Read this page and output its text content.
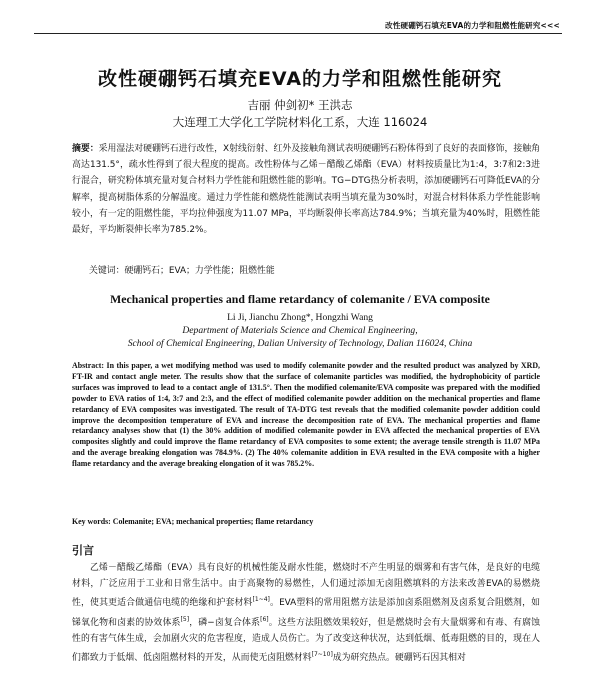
改性硬硼钙石填充EVA的力学和阻燃性能研究<<<
改性硬硼钙石填充EVA的力学和阻燃性能研究
吉丽 仲剑初* 王洪志
大连理工大学化工学院材料化工系，大连 116024
摘要：采用湿法对硬硼钙石进行改性，X射线衍射、红外及接触角测试表明硬硼钙石粉体得到了良好的表面修饰，接触角高达131.5°，疏水性得到了很大程度的提高。改性粉体与乙烯－醋酸乙烯酯（EVA）材料按质量比为1:4，3:7和2:3进行混合，研究粉体填充量对复合材料力学性能和阻燃性能的影响。TG−DTG热分析表明，添加硬硼钙石可降低EVA的分解率，提高树脂体系的分解温度。通过力学性能和燃烧性能测试表明当填充量为30%时，对混合材料体系力学性能影响较小，有一定的阻燃性能，平均拉伸强度为11.07 MPa，平均断裂伸长率高达784.9%；当填充量为40%时，阻燃性能最好，平均断裂伸长率为785.2%。
关键词：硬硼钙石；EVA；力学性能；阻燃性能
Mechanical properties and flame retardancy of colemanite / EVA composite
Li Ji, Jianchu Zhong*, Hongzhi Wang
Department of Materials Science and Chemical Engineering,
School of Chemical Engineering, Dalian University of Technology, Dalian 116024, China
Abstract: In this paper, a wet modifying method was used to modify colemanite powder and the resulted product was analyzed by XRD, FT-IR and contact angle meter. The results show that the surface of colemanite particles was modified, the hydrophobicity of particle surfaces was improved to lead to a contact angle of 131.5°. Then the modified colemanite/EVA composite was prepared with the modified powder to EVA ratios of 1:4, 3:7 and 2:3, and the effect of modified colemanite powder addition on the mechanical properties and flame retardancy of EVA composites was investigated. The result of TA-DTG test reveals that the modified colemanite powder addition could improve the decomposition temperature of EVA and increase the decomposition rate of EVA. The mechanical properties and flame retardancy analyses show that (1) the 30% addition of modified colemanite powder in EVA affected the mechanical properties of EVA composites slightly and could improve the flame retardancy of EVA composites to some extent; the average tensile strength is 11.07 MPa and the average breaking elongation was 784.9%. (2) The 40% colemanite addition in EVA resulted in the EVA composite with a higher flame retardancy and the average breaking elongation of it was 785.2%.
Key words: Colemanite; EVA; mechanical properties; flame retardancy
引言
乙烯－醋酸乙烯酯（EVA）具有良好的机械性能及耐水性能，燃烧时不产生明显的烟雾和有害气体，是良好的电缆材料，广泛应用于工业和日常生活中。由于高聚物的易燃性，人们通过添加无卤阻燃填料的方法来改善EVA的易燃烧性，使其更适合做通信电缆的绝缘和护套材料[1~4]。EVA塑料的常用阻燃方法是添加卤系阻燃剂及卤系复合阻燃剂，如锑氧化物和卤素的协效体系[5]，磷−卤复合体系[6]。这些方法阻燃效果较好，但是燃烧时会有大量烟雾和有毒、有腐蚀性的有害气体生成，会加剧火灾的危害程度，造成人员伤亡。为了改变这种状况，达到低烟、低毒阻燃的目的，现在人们都致力于低烟、低卤阻燃材料的开发，从而使无卤阻燃材料[7~10]成为研究热点。硬硼钙石因其相对
